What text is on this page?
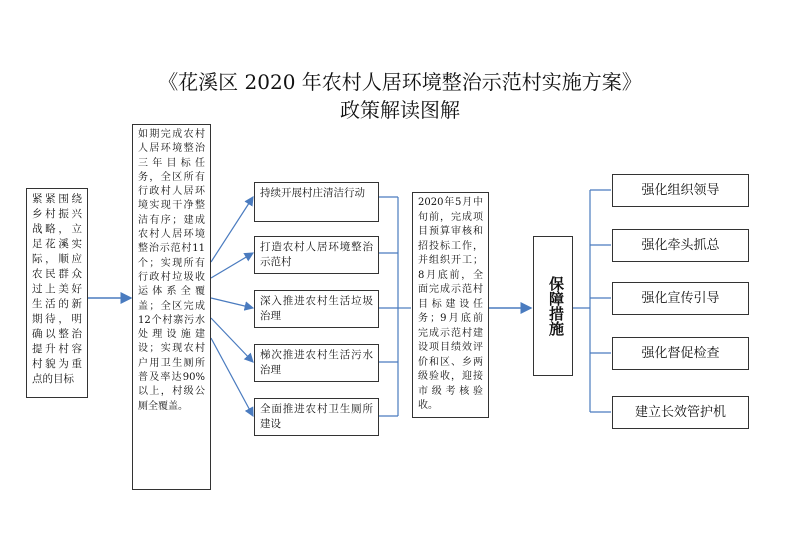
《花溪区 2020 年农村人居环境整治示范村实施方案》
政策解读图解
紧紧围绕乡村振兴战略，立足花溪实际，顺应农民群众过上美好生活的新期待，明确以整治提升村容村貌为重点的目标
如期完成农村人居环境整治三年目标任务，全区所有行政村人居环境实现干净整洁有序；建成农村人居环境整治示范村11个；实现所有行政村垃圾收运体系全覆盖；全区完成12个村寨污水处理设施建设；实现农村户用卫生厕所普及率达90%以上，村级公厕全覆盖。
持续开展村庄清洁行动
打造农村人居环境整治示范村
深入推进农村生活垃圾治理
梯次推进农村生活污水治理
全面推进农村卫生厕所建设
2020年5月中旬前，完成项目预算审核和招投标工作，并组织开工；8月底前，全面完成示范村目标建设任务；9月底前完成示范村建设项目绩效评价和区、乡两级验收，迎接市级考核验收。
保障措施
强化组织领导
强化牵头抓总
强化宣传引导
强化督促检查
建立长效管护机
